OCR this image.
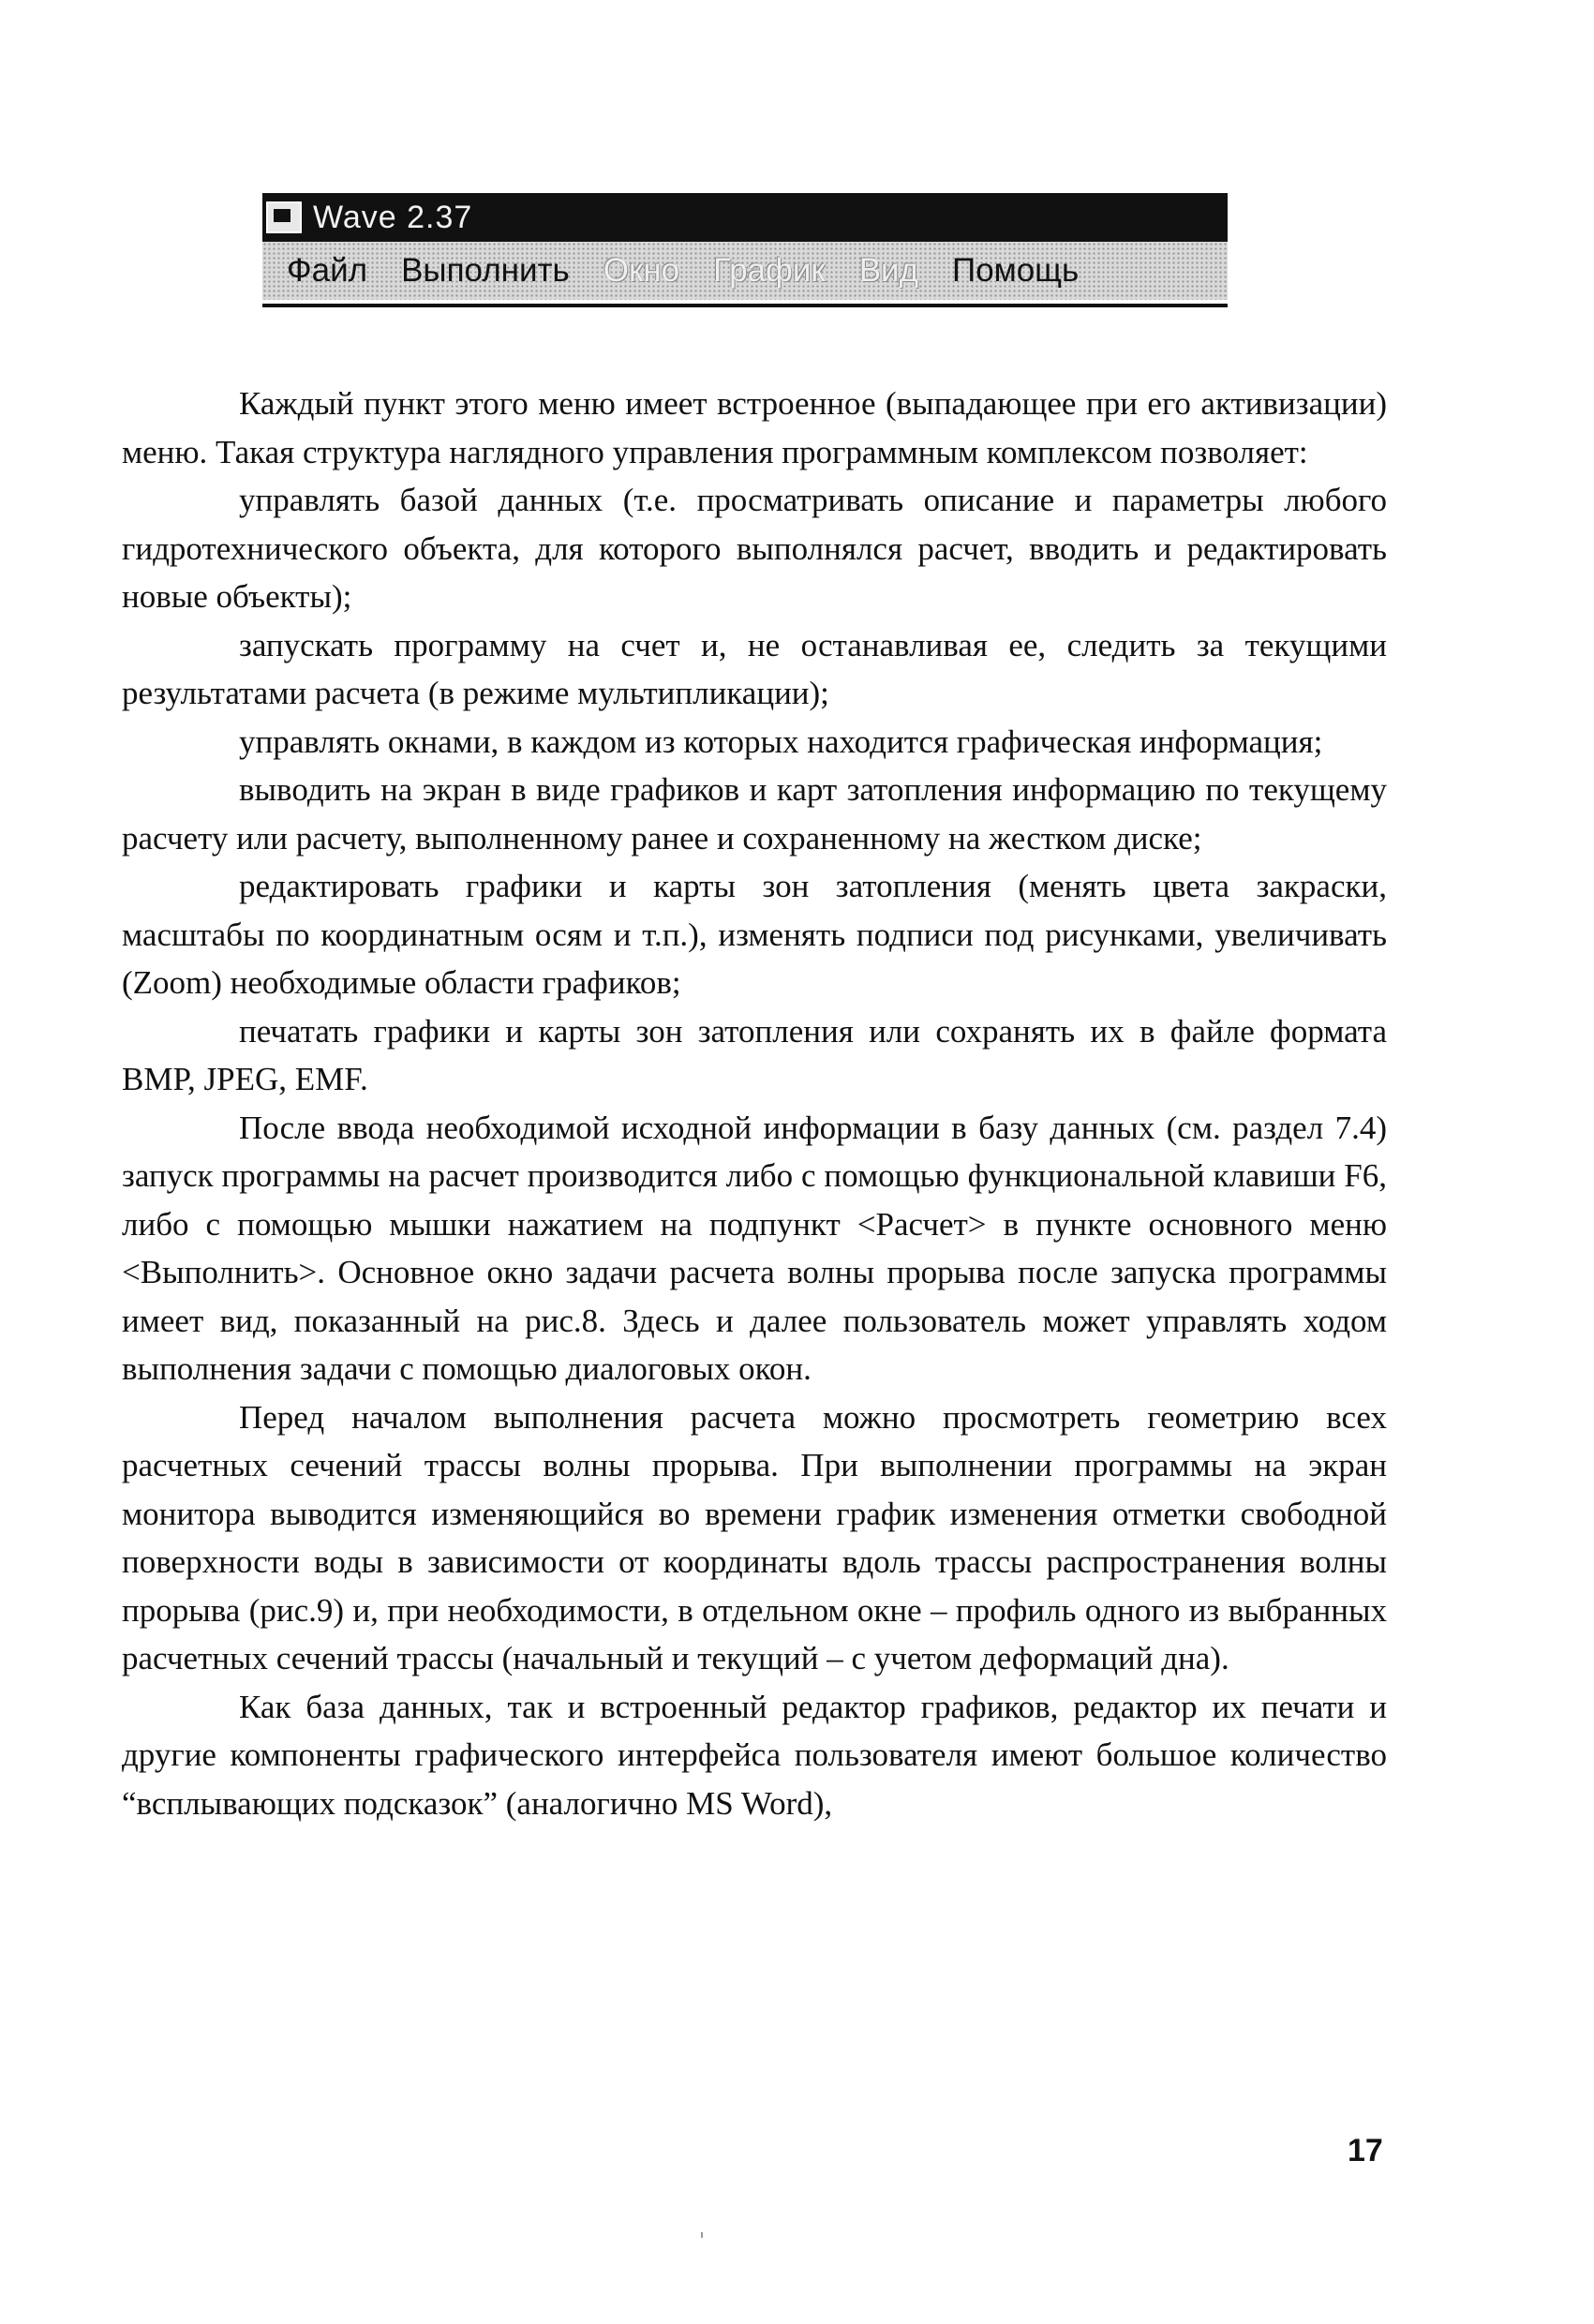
Wave 2.37
Файл Выполнить Окно График Вид Помощь

Каждый пункт этого меню имеет встроенное (выпадающее при его активизации) меню. Такая структура наглядного управления программным комплексом позволяет:

управлять базой данных (т.е. просматривать описание и параметры любого гидротехнического объекта, для которого выполнялся расчет, вводить и редактировать новые объекты);

запускать программу на счет и, не останавливая ее, следить за текущими результатами расчета (в режиме мультипликации);

управлять окнами, в каждом из которых находится графическая информация;

выводить на экран в виде графиков и карт затопления информацию по текущему расчету или расчету, выполненному ранее и сохраненному на жестком диске;

редактировать графики и карты зон затопления (менять цвета закраски, масштабы по координатным осям и т.п.), изменять подписи под рисунками, увеличивать (Zoom) необходимые области графиков;

печатать графики и карты зон затопления или сохранять их в файле формата BMP, JPEG, EMF.

После ввода необходимой исходной информации в базу данных (см. раздел 7.4) запуск программы на расчет производится либо с помощью функциональной клавиши F6, либо с помощью мышки нажатием на подпункт <Расчет> в пункте основного меню <Выполнить>. Основное окно задачи расчета волны прорыва после запуска программы имеет вид, показанный на рис.8. Здесь и далее пользователь может управлять ходом выполнения задачи с помощью диалоговых окон.

Перед началом выполнения расчета можно просмотреть геометрию всех расчетных сечений трассы волны прорыва. При выполнении программы на экран монитора выводится изменяющийся во времени график изменения отметки свободной поверхности воды в зависимости от координаты вдоль трассы распространения волны прорыва (рис.9) и, при необходимости, в отдельном окне – профиль одного из выбранных расчетных сечений трассы (начальный и текущий – с учетом деформаций дна).

Как база данных, так и встроенный редактор графиков, редактор их печати и другие компоненты графического интерфейса пользователя имеют большое количество “всплывающих подсказок” (аналогично MS Word),

17
